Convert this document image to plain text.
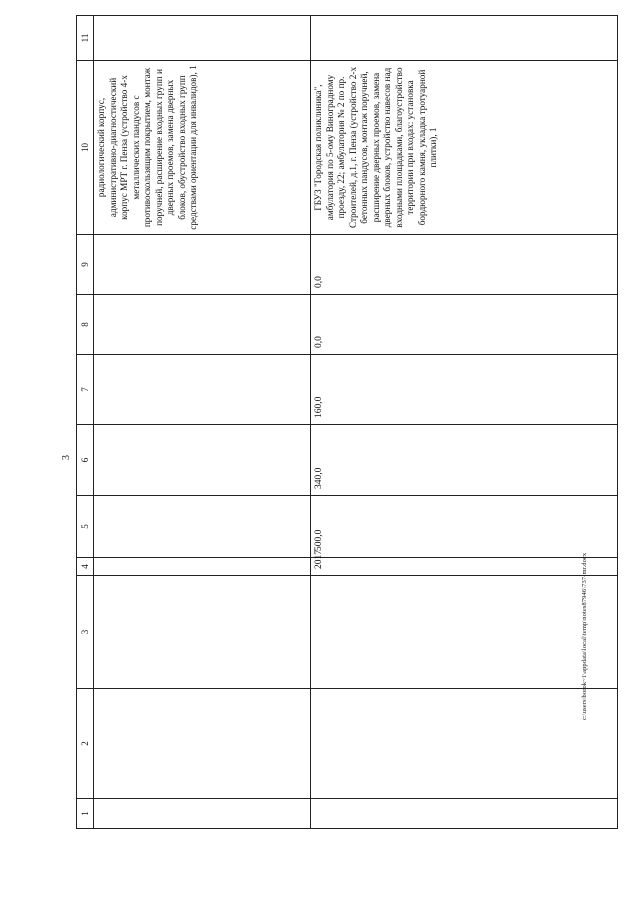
3
1	2	3	4	5	6	7	8	9	10	11
									радиологический корпус, административно-диагностический корпус МРТ г. Пенза (устройство 4-х металлических пандусов с противоскользящим покрытием, монтаж поручней, расширение входных групп и дверных проемов, замена дверных блоков, обустройство входных групп средствами ориентации для инвалидов), 1	
			2017	500,0	340,0	160,0	0,0	0,0	ГБУЗ "Городская поликлиника", амбулатория по 5-ому Виноградному проезду, 22; амбулатория № 2 по пр. Строителей, д.1, г. Пенза (устройство 2-х бетонных пандусов, монтаж поручней, расширение дверных проемов, замена дверных блоков, устройство навесов над входными площадками, благоустройство территории при входах: установка бордюрного камня, укладка тротуарной плитки), 1	
c:\users\borok~1\appdata\local\temp\notes87946\737-mr.docx
